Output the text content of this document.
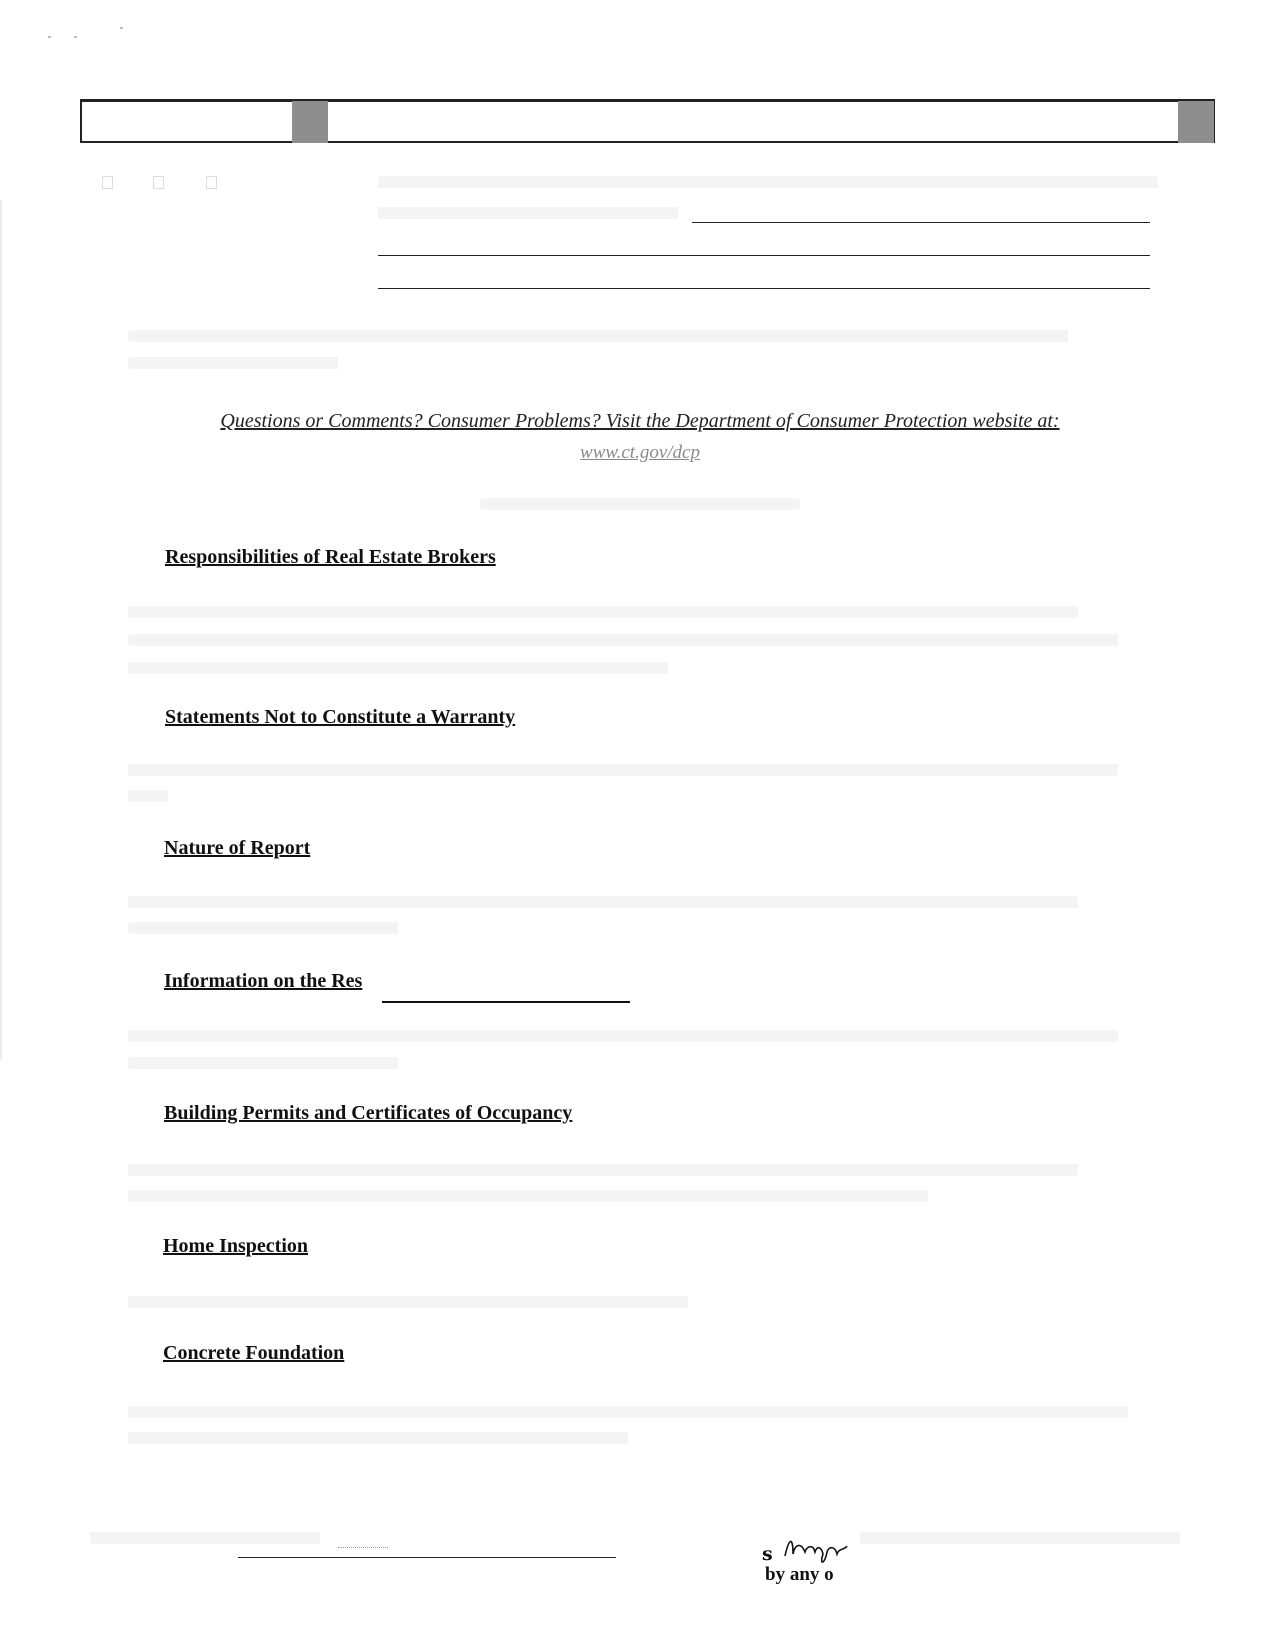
Questions or Comments? Consumer Problems? Visit the Department of Consumer Protection website at:
www.ct.gov/dcp
Responsibilities of Real Estate Brokers
Statements Not to Constitute a Warranty
Nature of Report
Information on the Res
Building Permits and Certificates of Occupancy
Home Inspection
Concrete Foundation
s
by any o
